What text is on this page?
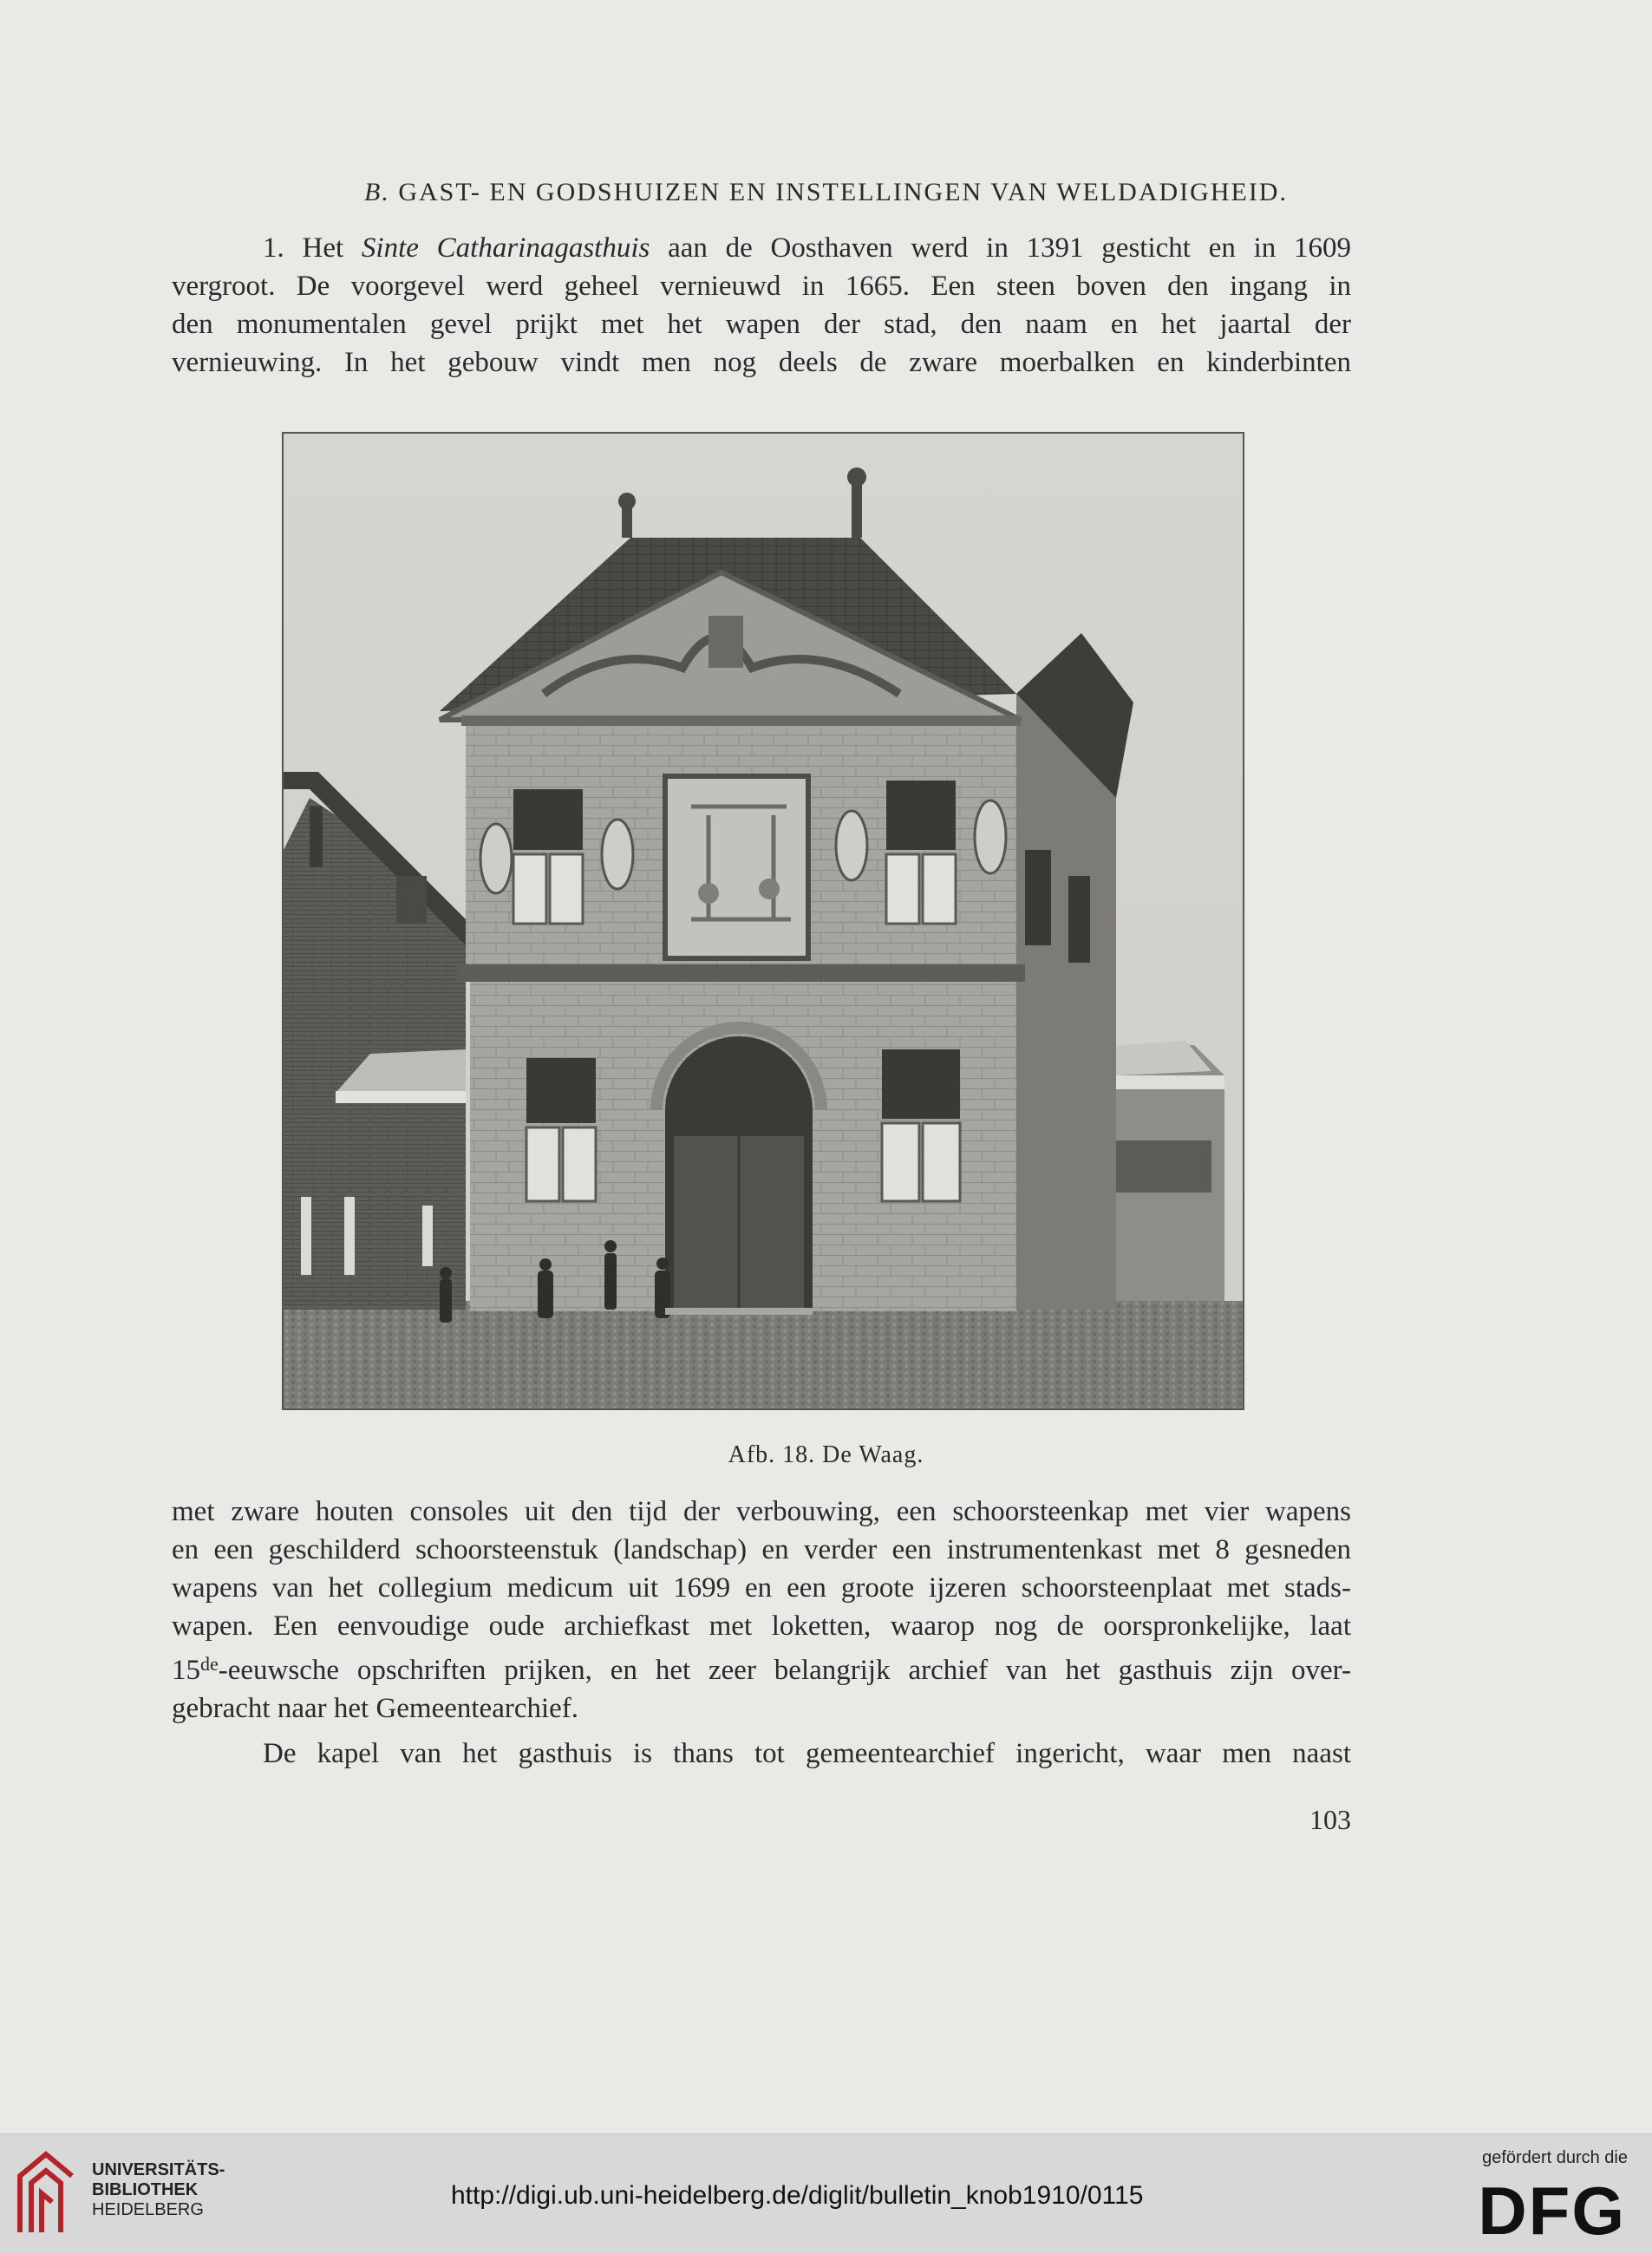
B. GAST- EN GODSHUIZEN EN INSTELLINGEN VAN WELDADIGHEID.

1. Het Sinte Catharinagasthuis aan de Oosthaven werd in 1391 gesticht en in 1609

vergroot. De voorgevel werd geheel vernieuwd in 1665. Een steen boven den ingang in

den monumentalen gevel prijkt met het wapen der stad, den naam en het jaartal der

vernieuwing. In het gebouw vindt men nog deels de zware moerbalken en kinderbinten

Afb. 18. De Waag.

met zware houten consoles uit den tijd der verbouwing, een schoorsteenkap met vier wapens

en een geschilderd schoorsteenstuk (landschap) en verder een instrumentenkast met 8 gesneden

wapens van het collegium medicum uit 1699 en een groote ijzeren schoorsteenplaat met stads-

wapen. Een eenvoudige oude archiefkast met loketten, waarop nog de oorspronkelijke, laat

15de-eeuwsche opschriften prijken, en het zeer belangrijk archief van het gasthuis zijn over-

gebracht naar het Gemeentearchief.

De kapel van het gasthuis is thans tot gemeentearchief ingericht, waar men naast

103
UNIVERSITÄTS-
BIBLIOTHEK
HEIDELBERG	http://digi.ub.uni-heidelberg.de/diglit/bulletin_knob1910/0115
gefördert durch die
DFG
